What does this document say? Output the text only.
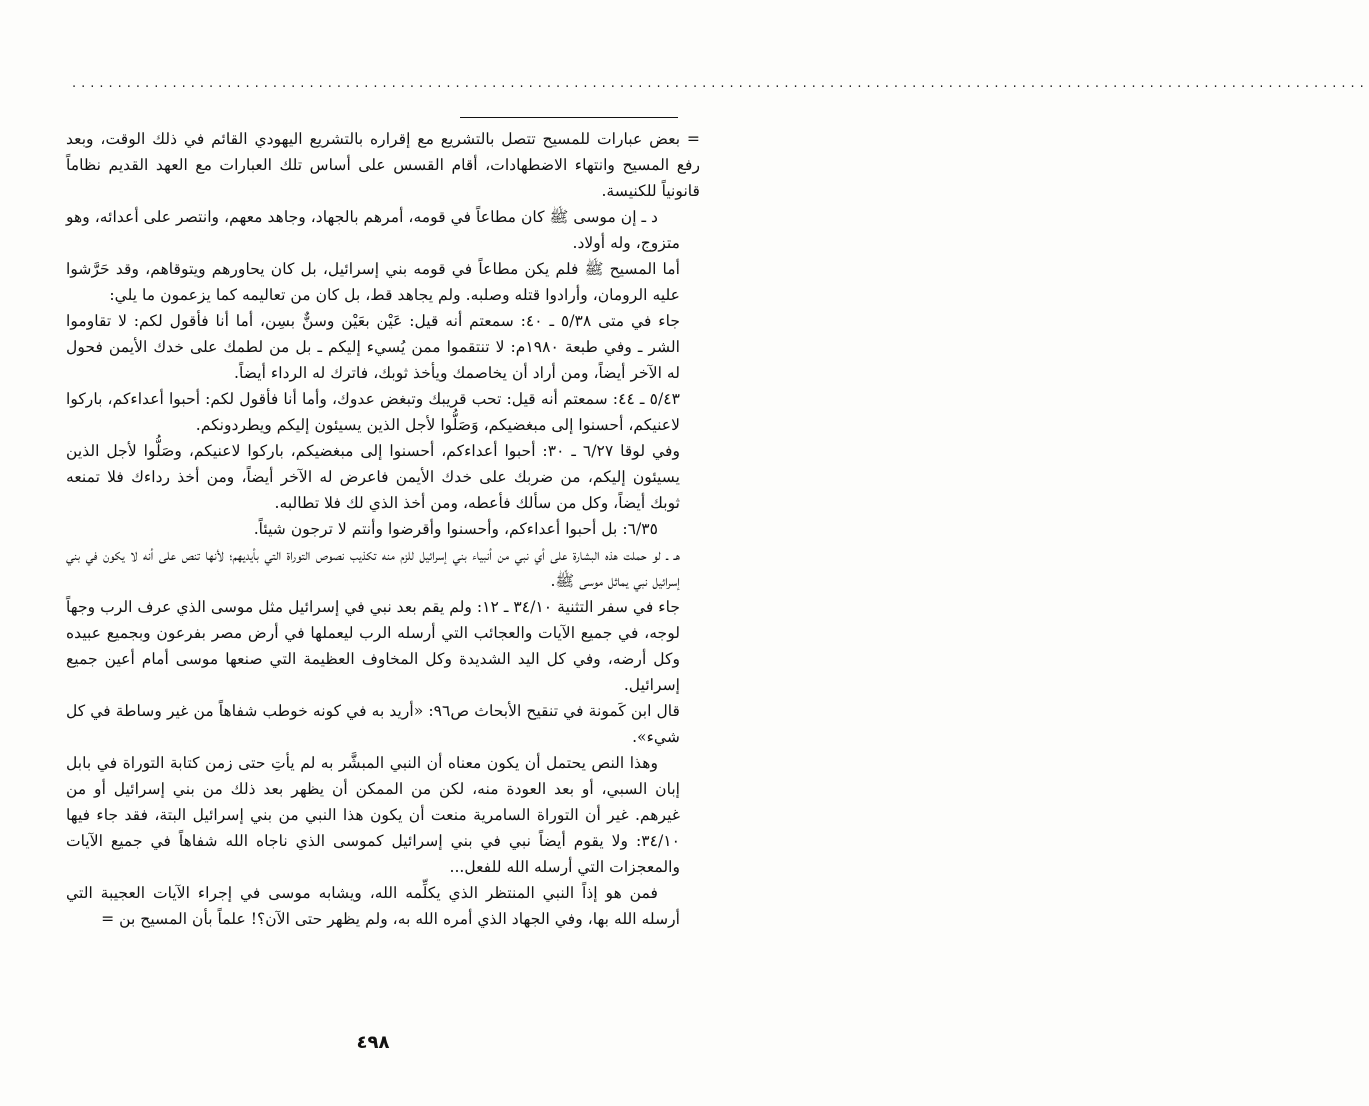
..............................................................................................................................................

= بعض عبارات للمسيح تتصل بالتشريع مع إقراره بالتشريع اليهودي القائم في ذلك الوقت، وبعد رفع المسيح وانتهاء الاضطهادات، أقام القسس على أساس تلك العبارات مع العهد القديم نظاماً قانونياً للكنيسة.

د ـ إن موسى ﷺ كان مطاعاً في قومه، أمرهم بالجهاد، وجاهد معهم، وانتصر على أعدائه، وهو متزوج، وله أولاد.

أما المسيح ﷺ فلم يكن مطاعاً في قومه بني إسرائيل، بل كان يحاورهم ويتوقاهم، وقد حَرَّشوا عليه الرومان، وأرادوا قتله وصلبه. ولم يجاهد قط، بل كان من تعاليمه كما يزعمون ما يلي:

جاء في متى ٥/٣٨ ـ ٤٠: سمعتم أنه قيل: عَيْن بعَيْن وسنٌّ بسِن، أما أنا فأقول لكم: لا تقاوموا الشر ـ وفي طبعة ١٩٨٠م: لا تنتقموا ممن يُسيء إليكم ـ بل من لطمك على خدك الأيمن فحول له الآخر أيضاً، ومن أراد أن يخاصمك ويأخذ ثوبك، فاترك له الرداء أيضاً.

٥/٤٣ ـ ٤٤: سمعتم أنه قيل: تحب قريبك وتبغض عدوك، وأما أنا فأقول لكم: أحبوا أعداءكم، باركوا لاعنيكم، أحسنوا إلى مبغضيكم، وَصَلُّوا لأجل الذين يسيئون إليكم ويطردونكم.

وفي لوقا ٦/٢٧ ـ ٣٠: أحبوا أعداءكم، أحسنوا إلى مبغضيكم، باركوا لاعنيكم، وصَلُّوا لأجل الذين يسيئون إليكم، من ضربك على خدك الأيمن فاعرض له الآخر أيضاً، ومن أخذ رداءك فلا تمنعه ثوبك أيضاً، وكل من سألك فأعطه، ومن أخذ الذي لك فلا تطالبه.

٦/٣٥: بل أحبوا أعداءكم، وأحسنوا وأقرضوا وأنتم لا ترجون شيئاً.

هـ ـ لو حملت هذه البشارة على أي نبي من أنبياء بني إسرائيل للزم منه تكذيب نصوص التوراة التي بأيديهم؛ لأنها تنص على أنه لا يكون في بني إسرائيل نبي يماثل موسى ﷺ.

جاء في سفر التثنية ٣٤/١٠ ـ ١٢: ولم يقم بعد نبي في إسرائيل مثل موسى الذي عرف الرب وجهاً لوجه، في جميع الآيات والعجائب التي أرسله الرب ليعملها في أرض مصر بفرعون وبجميع عبيده وكل أرضه، وفي كل اليد الشديدة وكل المخاوف العظيمة التي صنعها موسى أمام أعين جميع إسرائيل.

قال ابن كَمونة في تنقيح الأبحاث ص٩٦: «أريد به في كونه خوطب شفاهاً من غير وساطة في كل شيء».

وهذا النص يحتمل أن يكون معناه أن النبي المبشَّر به لم يأتِ حتى زمن كتابة التوراة في بابل إبان السبي، أو بعد العودة منه، لكن من الممكن أن يظهر بعد ذلك من بني إسرائيل أو من غيرهم. غير أن التوراة السامرية منعت أن يكون هذا النبي من بني إسرائيل البتة، فقد جاء فيها ٣٤/١٠: ولا يقوم أيضاً نبي في بني إسرائيل كموسى الذي ناجاه الله شفاهاً في جميع الآيات والمعجزات التي أرسله الله للفعل...

فمن هو إذاً النبي المنتظر الذي يكلِّمه الله، ويشابه موسى في إجراء الآيات العجيبة التي أرسله الله بها، وفي الجهاد الذي أمره الله به، ولم يظهر حتى الآن؟! علماً بأن المسيح بن =

٤٩٨
